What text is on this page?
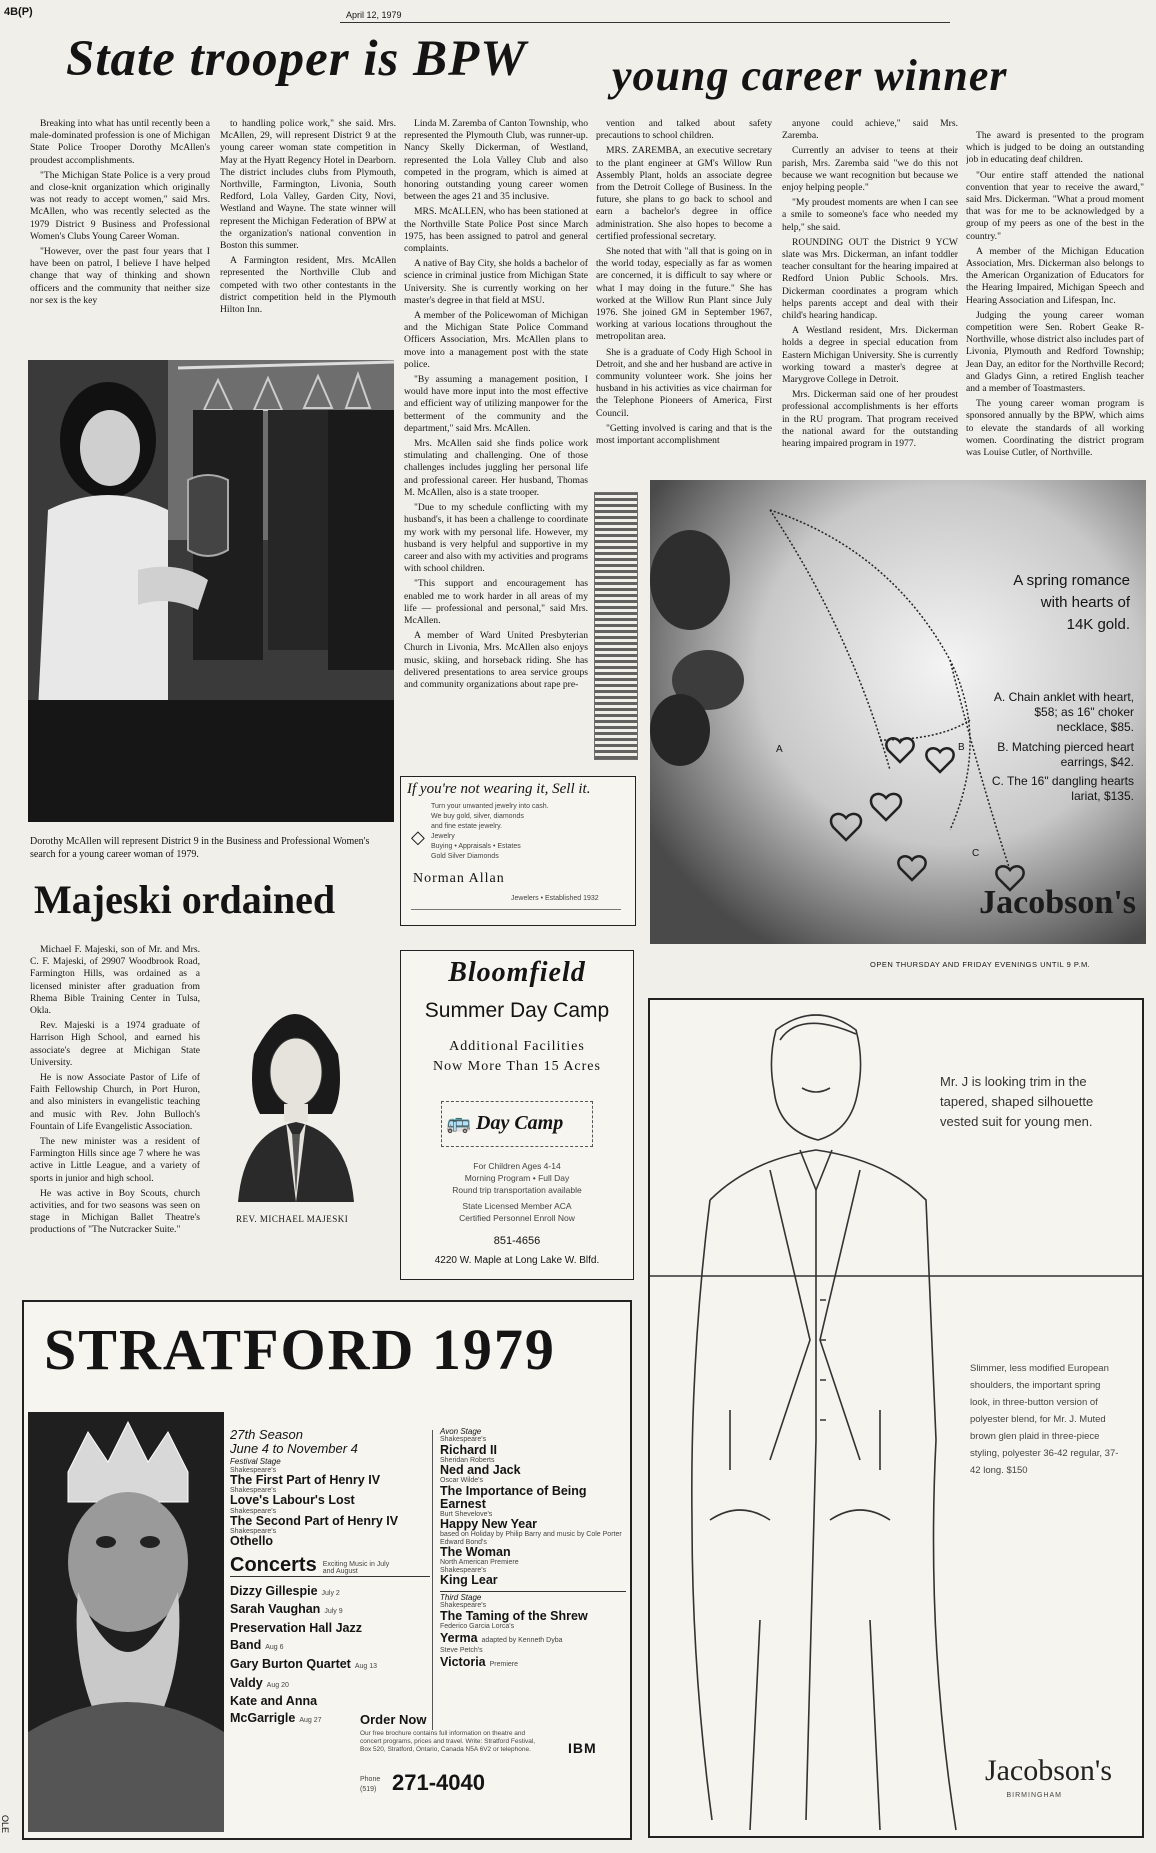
4B(P)	April 12, 1979
OLE
State trooper is BPW young career winner

Breaking into what has until recently been a male-dominated profession is one of Michigan State Police Trooper Dorothy McAllen's proudest accomplishments.

"The Michigan State Police is a very proud and close-knit organization which originally was not ready to accept women," said Mrs. McAllen, who was recently selected as the 1979 District 9 Business and Professional Women's Clubs Young Career Woman.

"However, over the past four years that I have been on patrol, I believe I have helped change that way of thinking and shown officers and the community that neither size nor sex is the key

to handling police work," she said. Mrs. McAllen, 29, will represent District 9 at the young career woman state competition in May at the Hyatt Regency Hotel in Dearborn. The district includes clubs from Plymouth, Northville, Farmington, Livonia, South Redford, Lola Valley, Garden City, Novi, Westland and Wayne. The state winner will represent the Michigan Federation of BPW at the organization's national convention in Boston this summer.

A Farmington resident, Mrs. McAllen represented the Northville Club and competed with two other contestants in the district competition held in the Plymouth Hilton Inn.

Linda M. Zaremba of Canton Township, who represented the Plymouth Club, was runner-up. Nancy Skelly Dickerman, of Westland, represented the Lola Valley Club and also competed in the program, which is aimed at honoring outstanding young career women between the ages 21 and 35 inclusive.

MRS. McALLEN, who has been stationed at the Northville State Police Post since March 1975, has been assigned to patrol and general complaints.

A native of Bay City, she holds a bachelor of science in criminal justice from Michigan State University. She is currently working on her master's degree in that field at MSU.

A member of the Policewoman of Michigan and the Michigan State Police Command Officers Association, Mrs. McAllen plans to move into a management post with the state police.

"By assuming a management position, I would have more input into the most effective and efficient way of utilizing manpower for the betterment of the community and the department," said Mrs. McAllen.

Mrs. McAllen said she finds police work stimulating and challenging. One of those challenges includes juggling her personal life and professional career. Her husband, Thomas M. McAllen, also is a state trooper.

"Due to my schedule conflicting with my husband's, it has been a challenge to coordinate my work with my personal life. However, my husband is very helpful and supportive in my career and also with my activities and programs with school children.

"This support and encouragement has enabled me to work harder in all areas of my life — professional and personal," said Mrs. McAllen.

A member of Ward United Presbyterian Church in Livonia, Mrs. McAllen also enjoys music, skiing, and horseback riding. She has delivered presentations to area service groups and community organizations about rape pre-

vention and talked about safety precautions to school children.

MRS. ZAREMBA, an executive secretary to the plant engineer at GM's Willow Run Assembly Plant, holds an associate degree from the Detroit College of Business. In the future, she plans to go back to school and earn a bachelor's degree in office administration. She also hopes to become a certified professional secretary.

She noted that with "all that is going on in the world today, especially as far as women are concerned, it is difficult to say where or what I may doing in the future." She has worked at the Willow Run Plant since July 1976. She joined GM in September 1967, working at various locations throughout the metropolitan area.

She is a graduate of Cody High School in Detroit, and she and her husband are active in community volunteer work. She joins her husband in his activities as vice chairman for the Telephone Pioneers of America, First Council.

"Getting involved is caring and that is the most important accomplishment

anyone could achieve," said Mrs. Zaremba.

Currently an adviser to teens at their parish, Mrs. Zaremba said "we do this not because we want recognition but because we enjoy helping people."

"My proudest moments are when I can see a smile to someone's face who needed my help," she said.

ROUNDING OUT the District 9 YCW slate was Mrs. Dickerman, an infant toddler teacher consultant for the hearing impaired at Redford Union Public Schools. Mrs. Dickerman coordinates a program which helps parents accept and deal with their child's hearing handicap.

A Westland resident, Mrs. Dickerman holds a degree in special education from Eastern Michigan University. She is currently working toward a master's degree at Marygrove College in Detroit.

Mrs. Dickerman said one of her proudest professional accomplishments is her efforts in the RU program. That program received the national award for the outstanding hearing impaired program in 1977.

The award is presented to the program which is judged to be doing an outstanding job in educating deaf children.

"Our entire staff attended the national convention that year to receive the award," said Mrs. Dickerman. "What a proud moment that was for me to be acknowledged by a group of my peers as one of the best in the country."

A member of the Michigan Education Association, Mrs. Dickerman also belongs to the American Organization of Educators for the Hearing Impaired, Michigan Speech and Hearing Association and Lifespan, Inc.

Judging the young career woman competition were Sen. Robert Geake R-Northville, whose district also includes part of Livonia, Plymouth and Redford Township; Jean Day, an editor for the Northville Record; and Gladys Ginn, a retired English teacher and a member of Toastmasters.

The young career woman program is sponsored annually by the BPW, which aims to elevate the standards of all working women. Coordinating the district program was Louise Cutler, of Northville.

Dorothy McAllen will represent District 9 in the Business and Professional Women's search for a young career woman of 1979.
Majeski ordained

Michael F. Majeski, son of Mr. and Mrs. C. F. Majeski, of 29907 Woodbrook Road, Farmington Hills, was ordained as a licensed minister after graduation from Rhema Bible Training Center in Tulsa, Okla.

Rev. Majeski is a 1974 graduate of Harrison High School, and earned his associate's degree at Michigan State University.

He is now Associate Pastor of Life of Faith Fellowship Church, in Port Huron, and also ministers in evangelistic teaching and music with Rev. John Bulloch's Fountain of Life Evangelistic Association.

The new minister was a resident of Farmington Hills since age 7 where he was active in Little League, and a variety of sports in junior and high school.

He was active in Boy Scouts, church activities, and for two seasons was seen on stage in Michigan Ballet Theatre's productions of "The Nutcracker Suite."

REV. MICHAEL MAJESKI
If you're not wearing it, Sell it.
Turn your unwanted jewelry into cash.
We buy gold, silver, diamonds
and fine estate jewelry.
◇ Jewelry
Buying • Appraisals • Estates
Gold Silver Diamonds
Norman Allan
Jewelers • Established 1932
Bloomfield
Summer Day Camp
Additional Facilities
Now More Than 15 Acres
🚌 Day Camp
For Children Ages 4-14
Morning Program • Full Day
Round trip transportation available
State Licensed Member ACA
Certified Personnel Enroll Now
851-4656
4220 W. Maple at Long Lake W. Blfd.
A spring romance
with hearts of
14K gold.
A. Chain anklet with heart, $58; as 16" choker necklace, $85.
B. Matching pierced heart earrings, $42.
C. The 16" dangling hearts lariat, $135.
A	B
C
Jacobson's
OPEN THURSDAY AND FRIDAY EVENINGS UNTIL 9 P.M.
Mr. J is looking trim in the tapered, shaped silhouette vested suit for young men.
Slimmer, less modified European shoulders, the important spring look, in three-button version of polyester blend, for Mr. J. Muted brown glen plaid in three-piece styling, polyester 36-42 regular, 37-42 long. $150
Jacobson's
BIRMINGHAM
STRATFORD 1979
27th Season
June 4 to November 4
Festival Stage
Shakespeare's
The First Part of Henry IV
Shakespeare's
Love's Labour's Lost
Shakespeare's
The Second Part of Henry IV
Shakespeare's
Othello
Concerts Exciting Music in July and August
Dizzy Gillespie July 2
Sarah Vaughan July 9
Preservation Hall Jazz Band Aug 6
Gary Burton Quartet Aug 13
Valdy Aug 20
Kate and Anna McGarrigle Aug 27
Avon Stage
Shakespeare's
Richard II
Sheridan Roberts
Ned and Jack
Oscar Wilde's
The Importance of Being Earnest
Burt Shevelove's
Happy New Year
based on Holiday by Philip Barry and music by Cole Porter
Edward Bond's
The Woman
North American Premiere
Shakespeare's
King Lear
Third Stage
Shakespeare's
The Taming of the Shrew
Federico Garcia Lorca's
Yerma adapted by Kenneth Dyba
Steve Petch's
Victoria Premiere
Order Now
Our free brochure contains full information on theatre and concert programs, prices and travel. Write: Stratford Festival, Box 520, Stratford, Ontario, Canada N5A 6V2 or telephone.	IBM
Phone
(519) 271-4040
